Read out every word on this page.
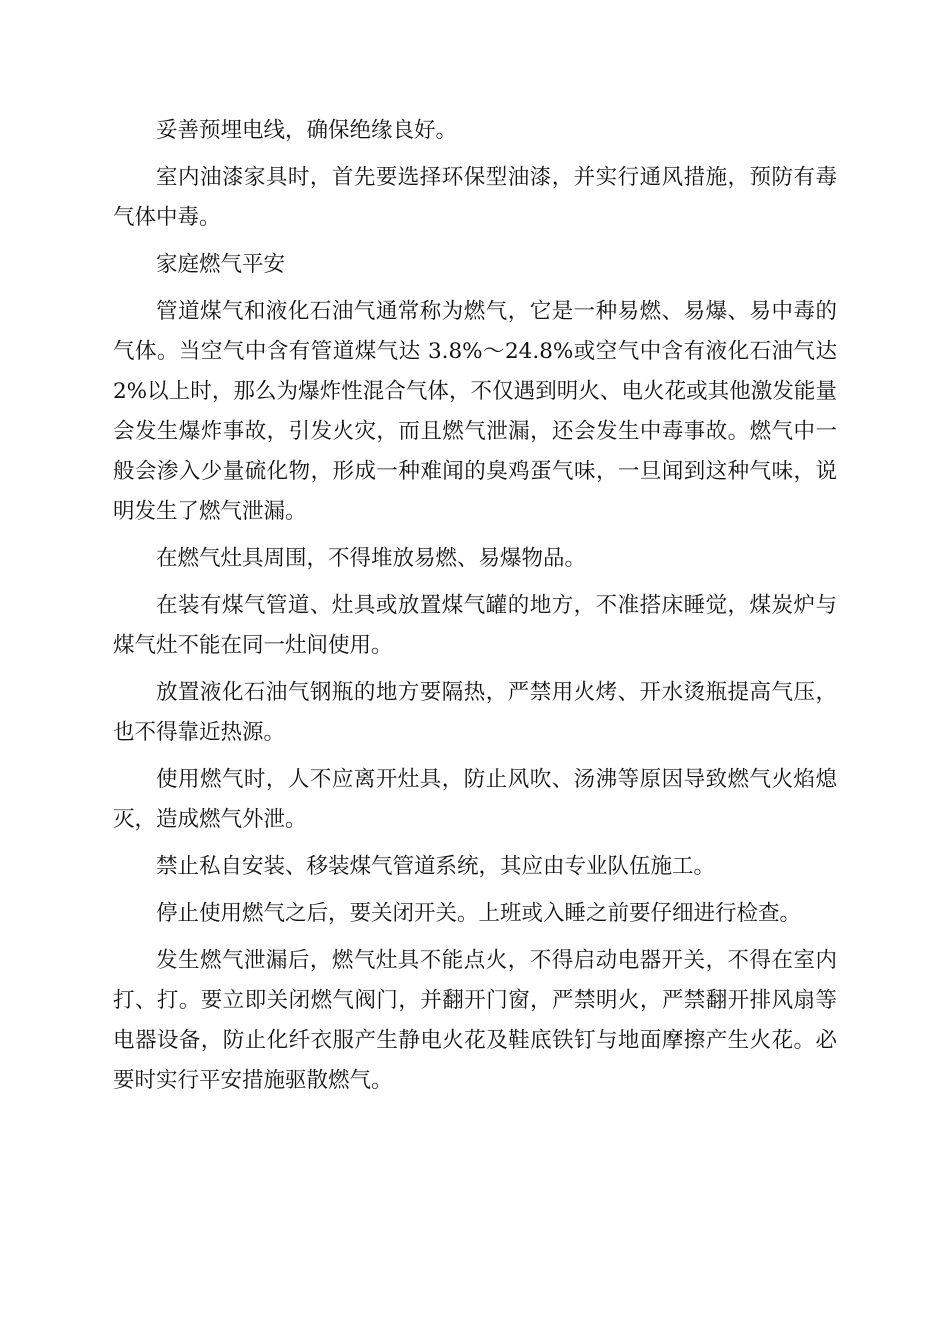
妥善预埋电线，确保绝缘良好。

室内油漆家具时，首先要选择环保型油漆，并实行通风措施，预防有毒气体中毒。

家庭燃气平安

管道煤气和液化石油气通常称为燃气，它是一种易燃、易爆、易中毒的气体。当空气中含有管道煤气达 3.8%～24.8%或空气中含有液化石油气达 2%以上时，那么为爆炸性混合气体，不仅遇到明火、电火花或其他激发能量会发生爆炸事故，引发火灾，而且燃气泄漏，还会发生中毒事故。燃气中一般会渗入少量硫化物，形成一种难闻的臭鸡蛋气味，一旦闻到这种气味，说明发生了燃气泄漏。

在燃气灶具周围，不得堆放易燃、易爆物品。

在装有煤气管道、灶具或放置煤气罐的地方，不准搭床睡觉，煤炭炉与煤气灶不能在同一灶间使用。

放置液化石油气钢瓶的地方要隔热，严禁用火烤、开水烫瓶提高气压，也不得靠近热源。

使用燃气时，人不应离开灶具，防止风吹、汤沸等原因导致燃气火焰熄灭，造成燃气外泄。

禁止私自安装、移装煤气管道系统，其应由专业队伍施工。

停止使用燃气之后，要关闭开关。上班或入睡之前要仔细进行检查。

发生燃气泄漏后，燃气灶具不能点火，不得启动电器开关，不得在室内打、打。要立即关闭燃气阀门，并翻开门窗，严禁明火，严禁翻开排风扇等电器设备，防止化纤衣服产生静电火花及鞋底铁钉与地面摩擦产生火花。必要时实行平安措施驱散燃气。
